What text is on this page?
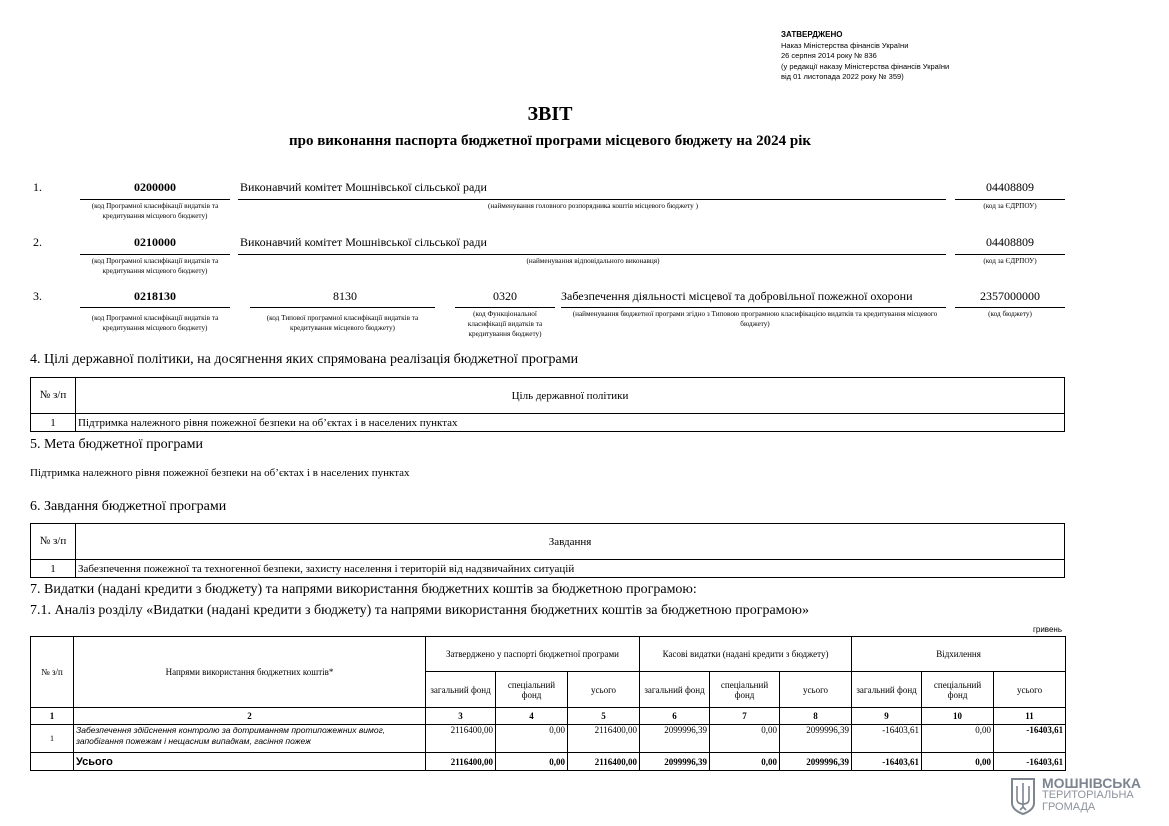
ЗАТВЕРДЖЕНО
Наказ Міністерства фінансів України
26 серпня 2014 року № 836
(у редакції наказу Міністерства фінансів України
від 01 листопада 2022 року № 359)
ЗВІТ
про виконання паспорта бюджетної програми місцевого бюджету на 2024 рік
1.	0200000	Виконавчий комітет Мошнівської сільської ради	04408809
(код Програмної класифікації видатків та кредитування місцевого бюджету)
(найменування головного розпорядника коштів місцевого бюджету )	(код за ЄДРПОУ)
2.	0210000	Виконавчий комітет Мошнівської сільської ради	04408809
(код Програмної класифікації видатків та кредитування місцевого бюджету)
(найменування відповідального виконавця)	(код за ЄДРПОУ)
3.	0218130	8130	0320	Забезпечення діяльності місцевої та добровільної пожежної охорони	2357000000
(код Програмної класифікації видатків та кредитування місцевого бюджету)
(код Типової програмної класифікації видатків та кредитування місцевого бюджету)
(код Функціональної класифікації видатків та кредитування бюджету)
(найменування бюджетної програми згідно з Типовою програмною класифікацією видатків та кредитування місцевого бюджету)
(код бюджету)
4. Цілі державної політики, на досягнення яких спрямована реалізація бюджетної програми
№ з/п	Ціль державної політики
1	Підтримка належного рівня пожежної безпеки на об’єктах і в населених пунктах
5. Мета бюджетної програми
Підтримка належного рівня пожежної безпеки на об’єктах і в населених пунктах
6. Завдання бюджетної програми
№ з/п	Завдання
1	Забезпечення пожежної та техногенної безпеки, захисту населення і територій від надзвичайних ситуацій
7. Видатки (надані кредити з бюджету) та напрями використання бюджетних коштів за бюджетною програмою:
7.1. Аналіз розділу «Видатки (надані кредити з бюджету) та напрями використання бюджетних коштів за бюджетною програмою»
гривень
№ з/п	Напрями використання бюджетних коштів*	Затверджено у паспорті бюджетної програми			Касові видатки (надані кредити з бюджету)			Відхилення		
		загальний фонд	спеціальний фонд	усього	загальний фонд	спеціальний фонд	усього	загальний фонд	спеціальний фонд	усього
1	2	3	4	5	6	7	8	9	10	11
1	Забезпечення здійснення контролю за дотриманням протипожежних вимог, запобігання пожежам і нещасним випадкам, гасіння пожеж	2116400,00	0,00	2116400,00	2099996,39	0,00	2099996,39	-16403,61	0,00	-16403,61
	Усього	2116400,00	0,00	2116400,00	2099996,39	0,00	2099996,39	-16403,61	0,00	-16403,61
МОШНІВСЬКА
ТЕРИТОРІАЛЬНА
ГРОМАДА
